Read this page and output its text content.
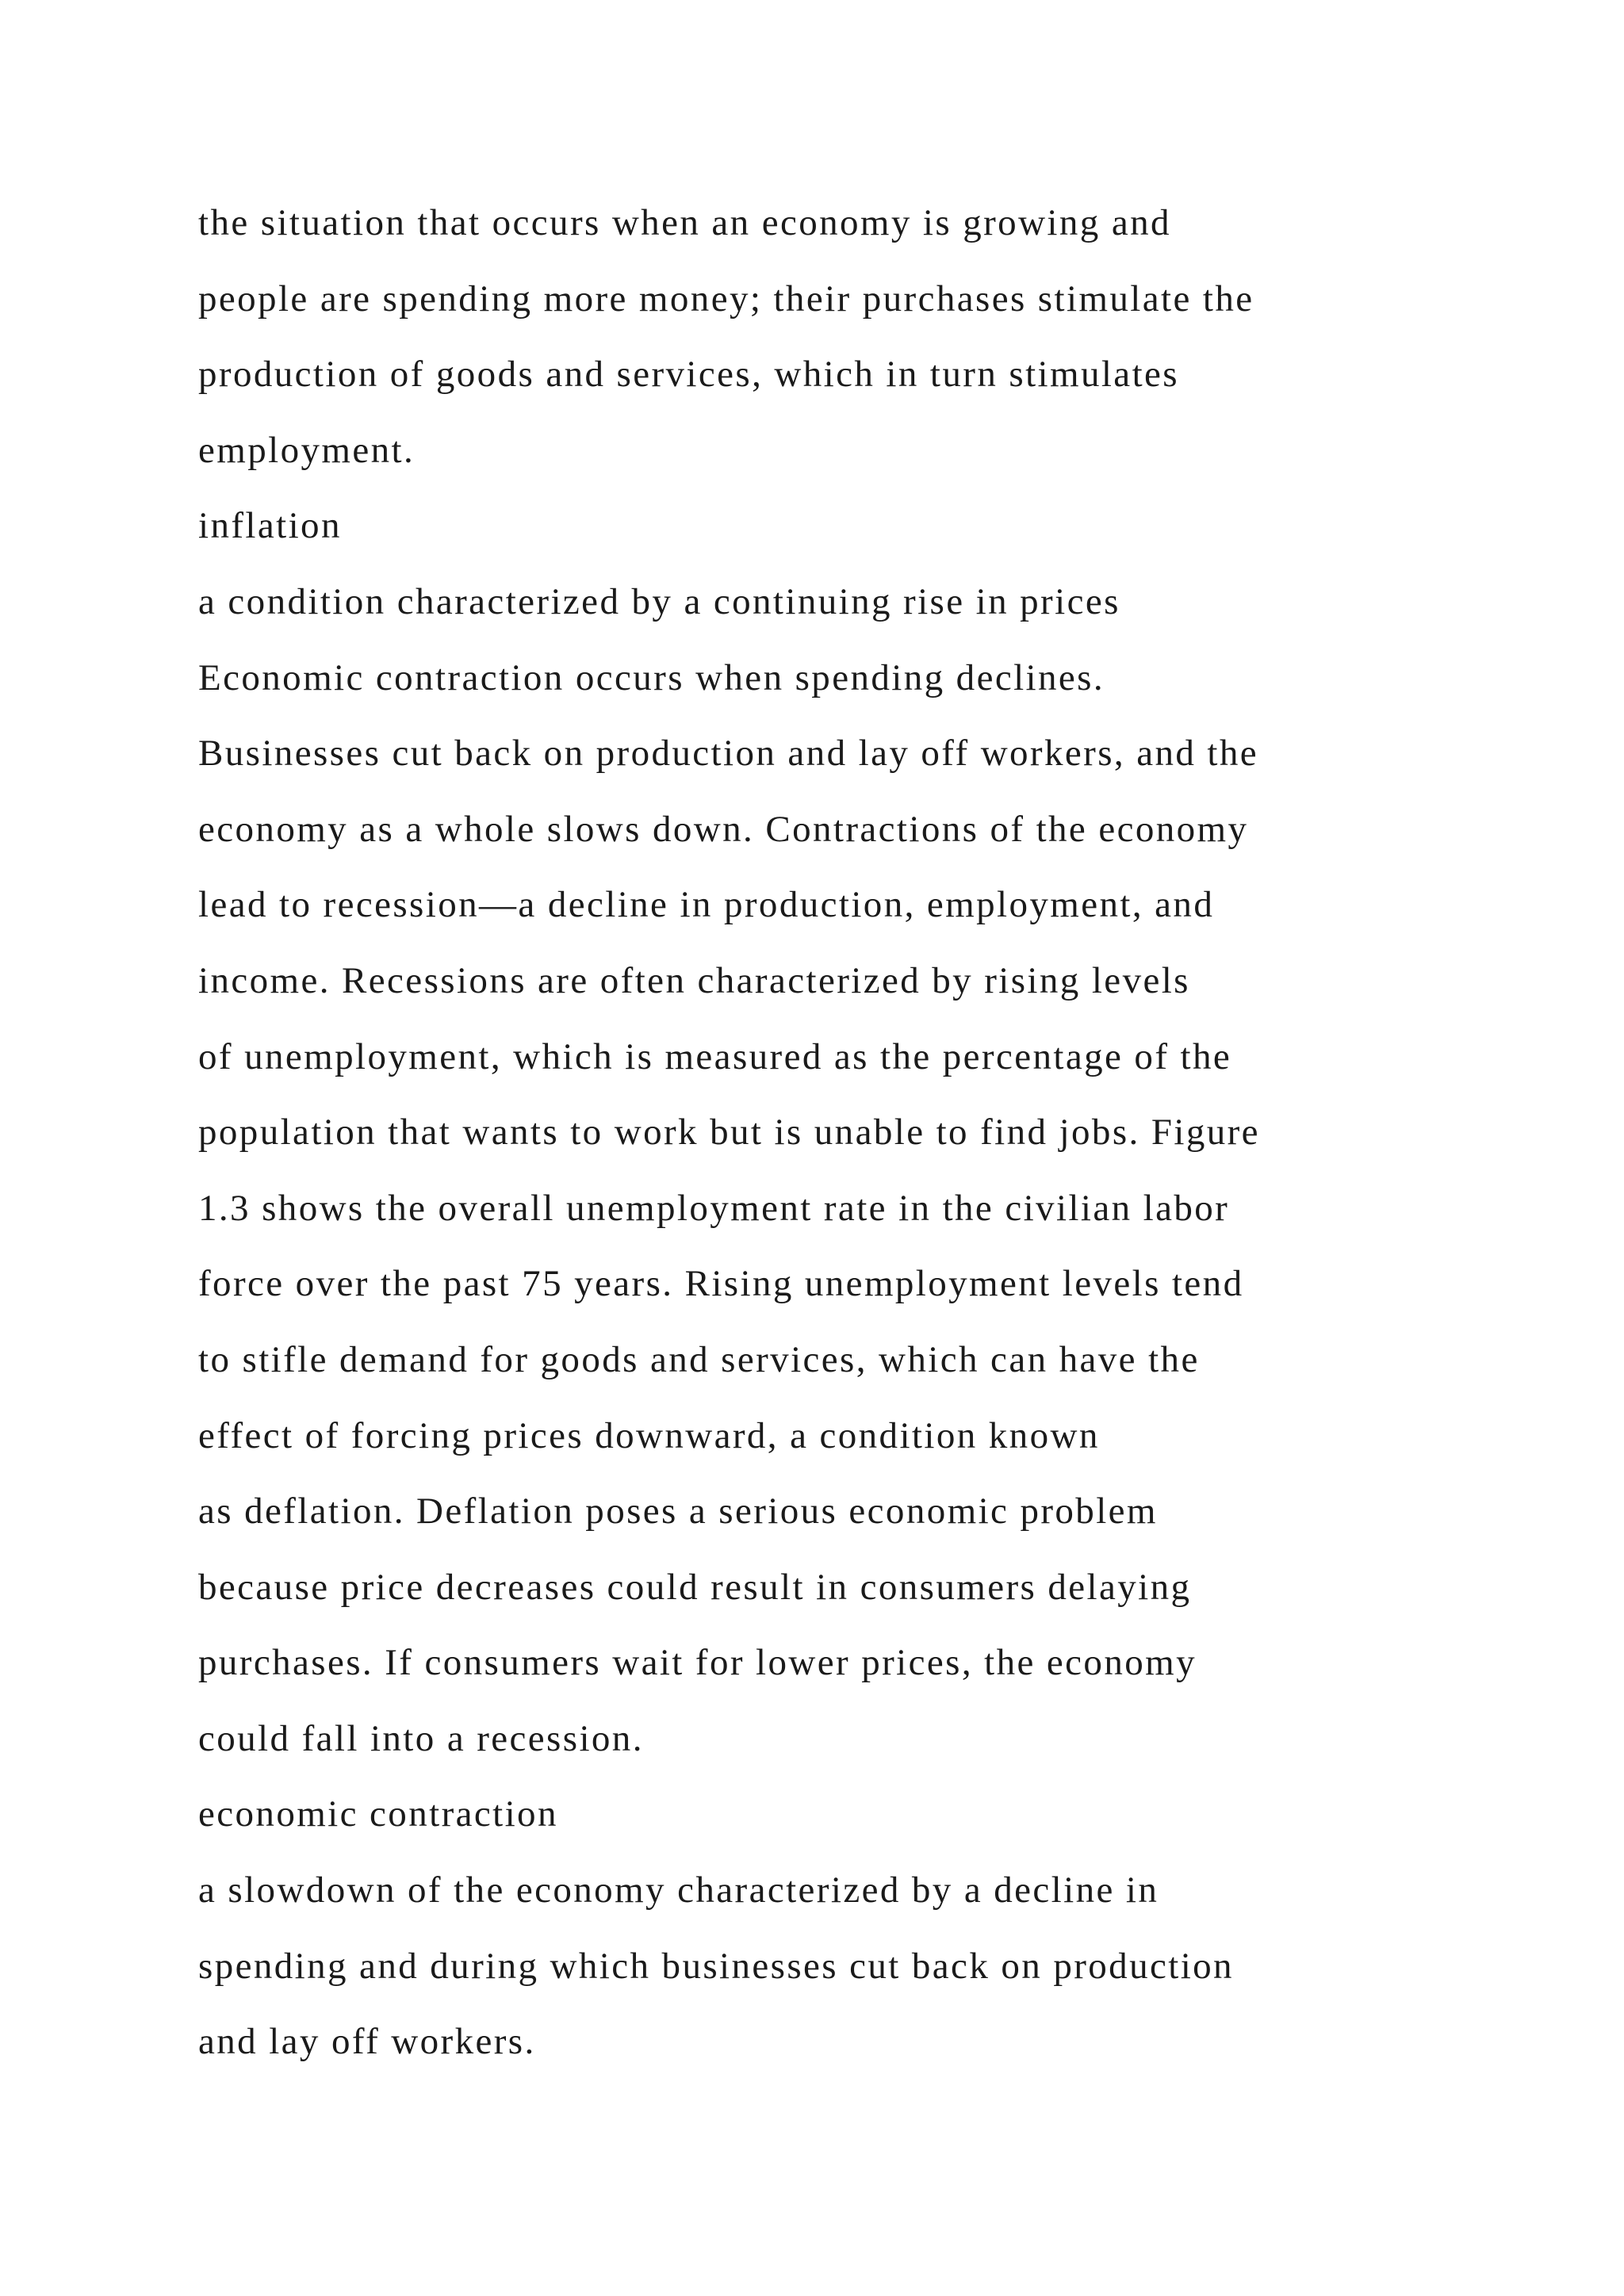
the situation that occurs when an economy is growing and
people are spending more money; their purchases stimulate the
production of goods and services, which in turn stimulates
employment.
inflation
a condition characterized by a continuing rise in prices
Economic contraction occurs when spending declines.
Businesses cut back on production and lay off workers, and the
economy as a whole slows down. Contractions of the economy
lead to recession—a decline in production, employment, and
income. Recessions are often characterized by rising levels
of unemployment, which is measured as the percentage of the
population that wants to work but is unable to find jobs. Figure
1.3 shows the overall unemployment rate in the civilian labor
force over the past 75 years. Rising unemployment levels tend
to stifle demand for goods and services, which can have the
effect of forcing prices downward, a condition known
as deflation. Deflation poses a serious economic problem
because price decreases could result in consumers delaying
purchases. If consumers wait for lower prices, the economy
could fall into a recession.
economic contraction
a slowdown of the economy characterized by a decline in
spending and during which businesses cut back on production
and lay off workers.
